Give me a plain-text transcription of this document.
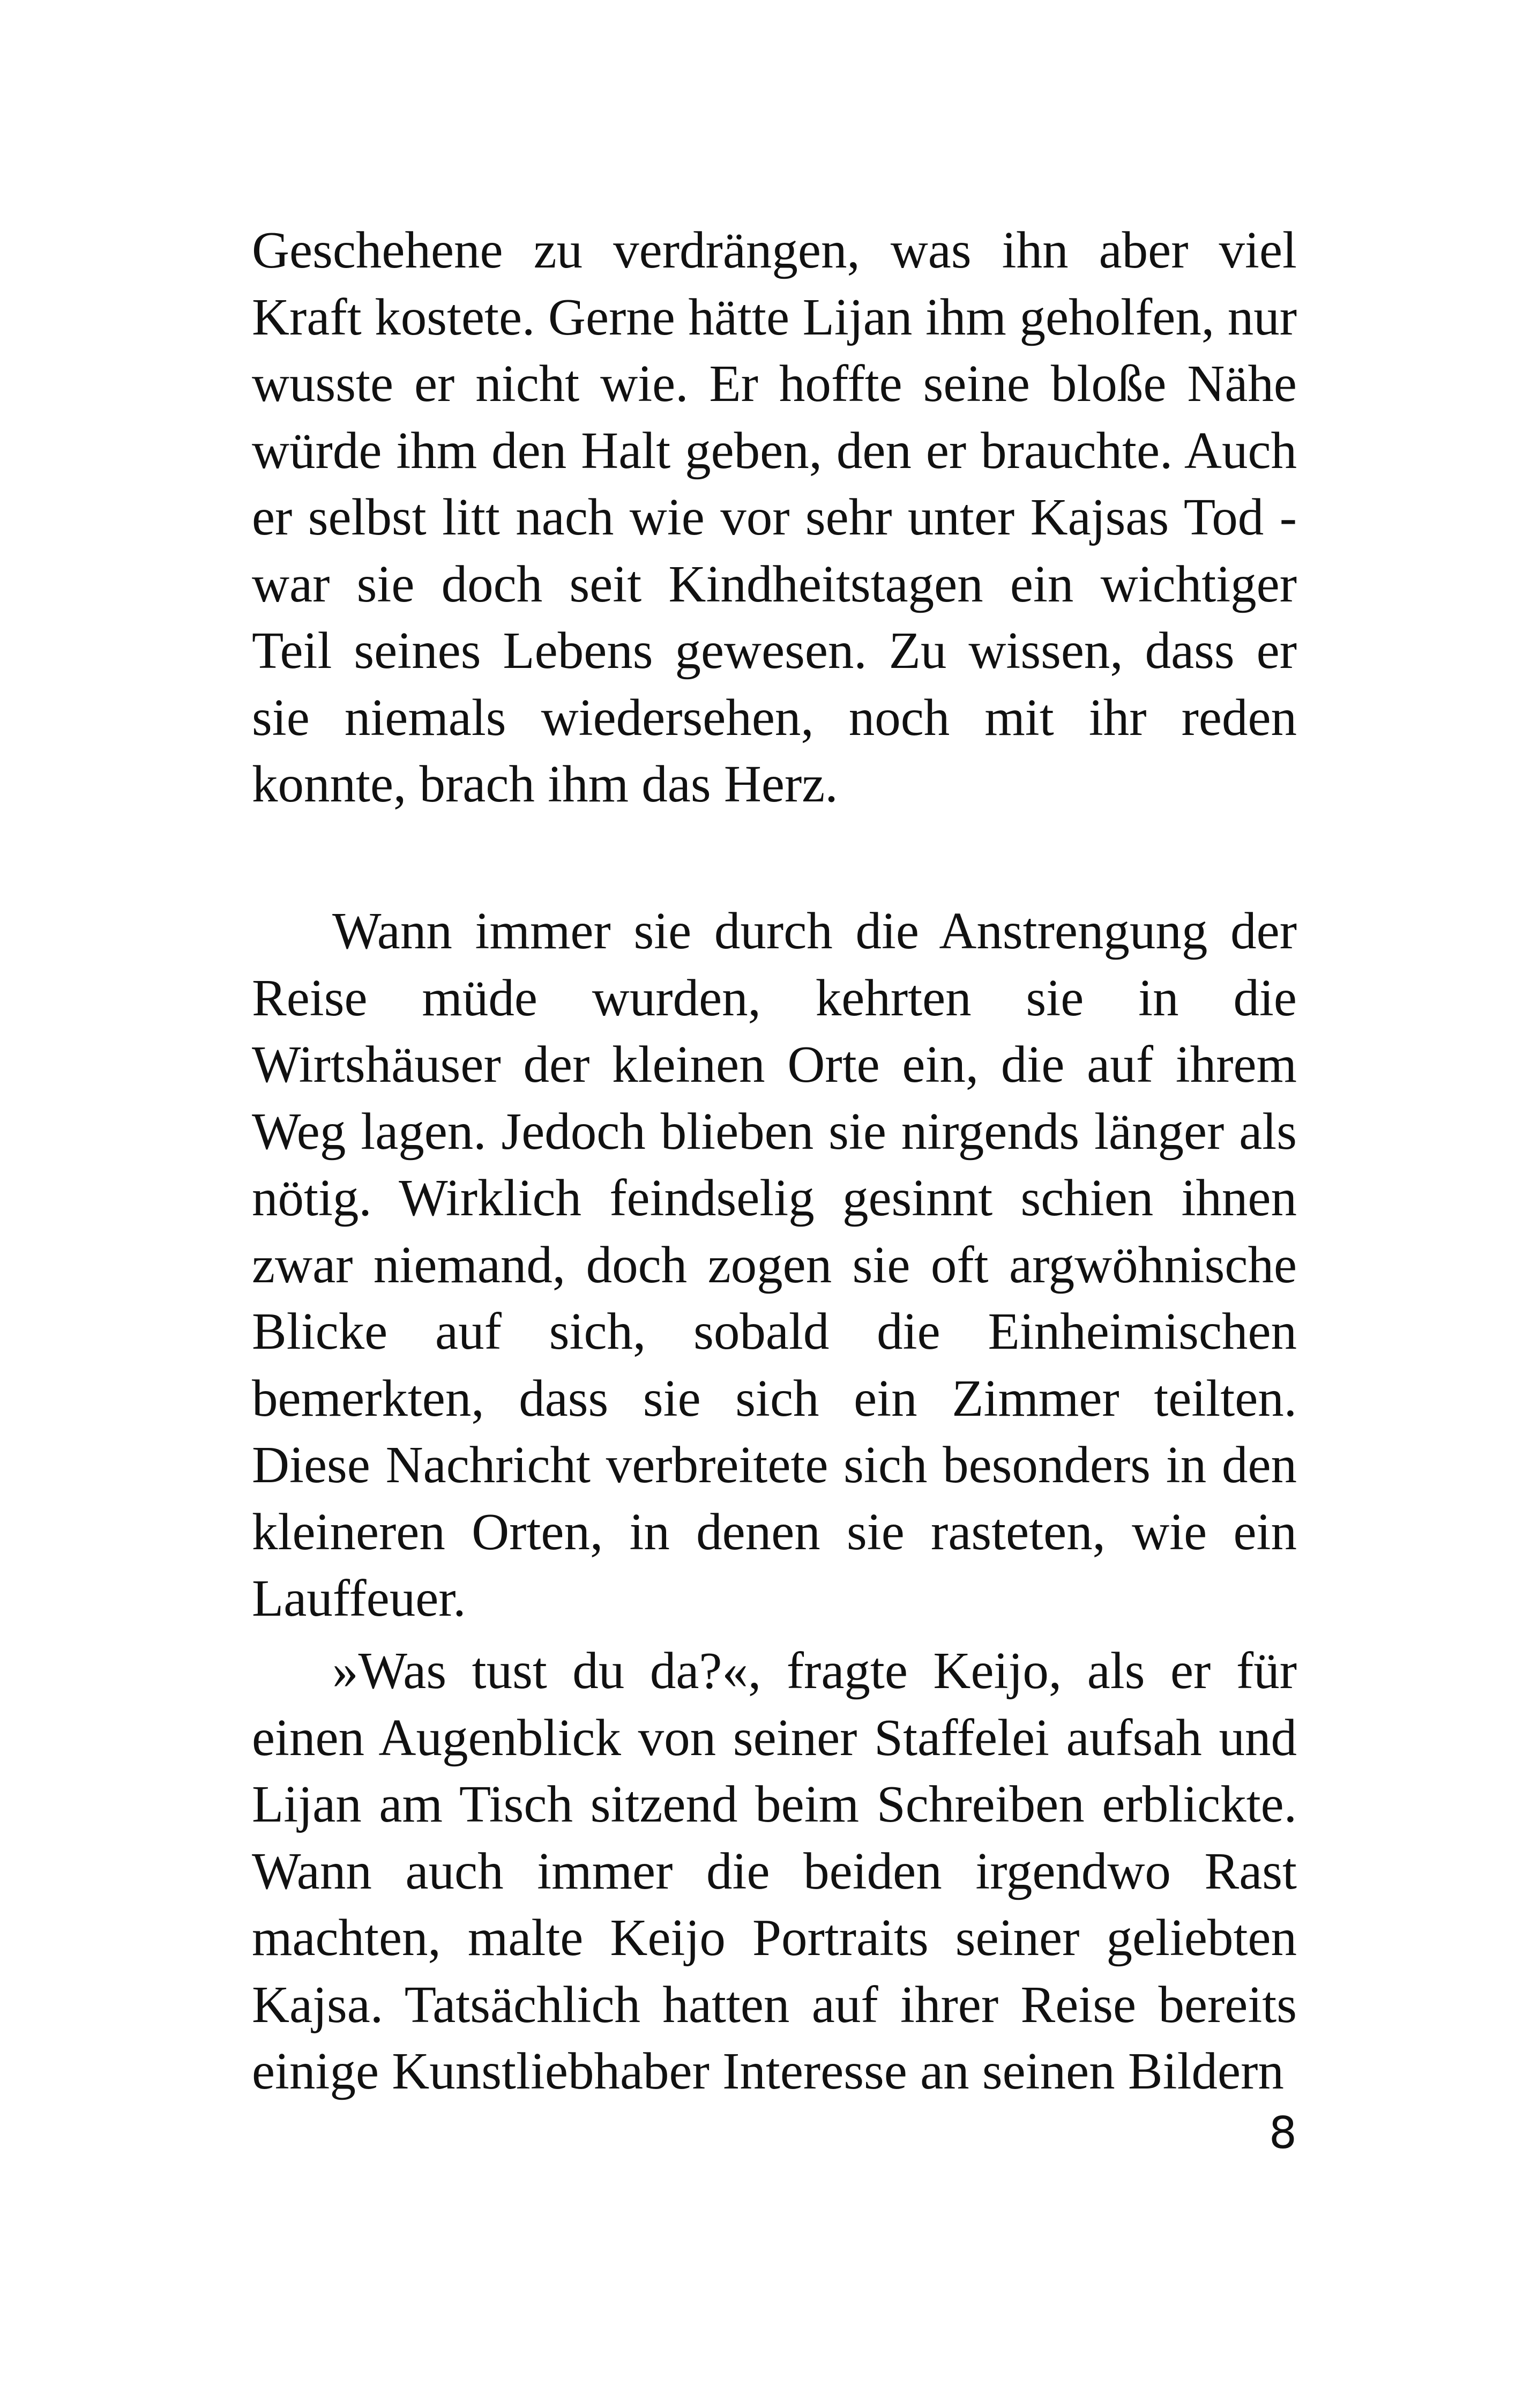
Geschehene zu verdrängen, was ihn aber viel Kraft kostete. Gerne hätte Lijan ihm geholfen, nur wusste er nicht wie. Er hoffte seine bloße Nähe würde ihm den Halt geben, den er brauchte. Auch er selbst litt nach wie vor sehr unter Kajsas Tod - war sie doch seit Kindheitstagen ein wichtiger Teil seines Lebens gewesen. Zu wissen, dass er sie niemals wiedersehen, noch mit ihr reden konnte, brach ihm das Herz.

Wann immer sie durch die Anstrengung der Reise müde wurden, kehrten sie in die Wirtshäuser der kleinen Orte ein, die auf ihrem Weg lagen. Jedoch blieben sie nirgends länger als nötig. Wirklich feindselig gesinnt schien ihnen zwar niemand, doch zogen sie oft argwöhnische Blicke auf sich, sobald die Einheimischen bemerkten, dass sie sich ein Zimmer teilten. Diese Nachricht verbreitete sich besonders in den kleineren Orten, in denen sie rasteten, wie ein Lauffeuer.

»Was tust du da?«, fragte Keijo, als er für einen Augenblick von seiner Staffelei aufsah und Lijan am Tisch sitzend beim Schreiben erblickte. Wann auch immer die beiden irgendwo Rast machten, malte Keijo Portraits seiner geliebten Kajsa. Tatsächlich hatten auf ihrer Reise bereits einige Kunstliebhaber Interesse an seinen Bildern

8
